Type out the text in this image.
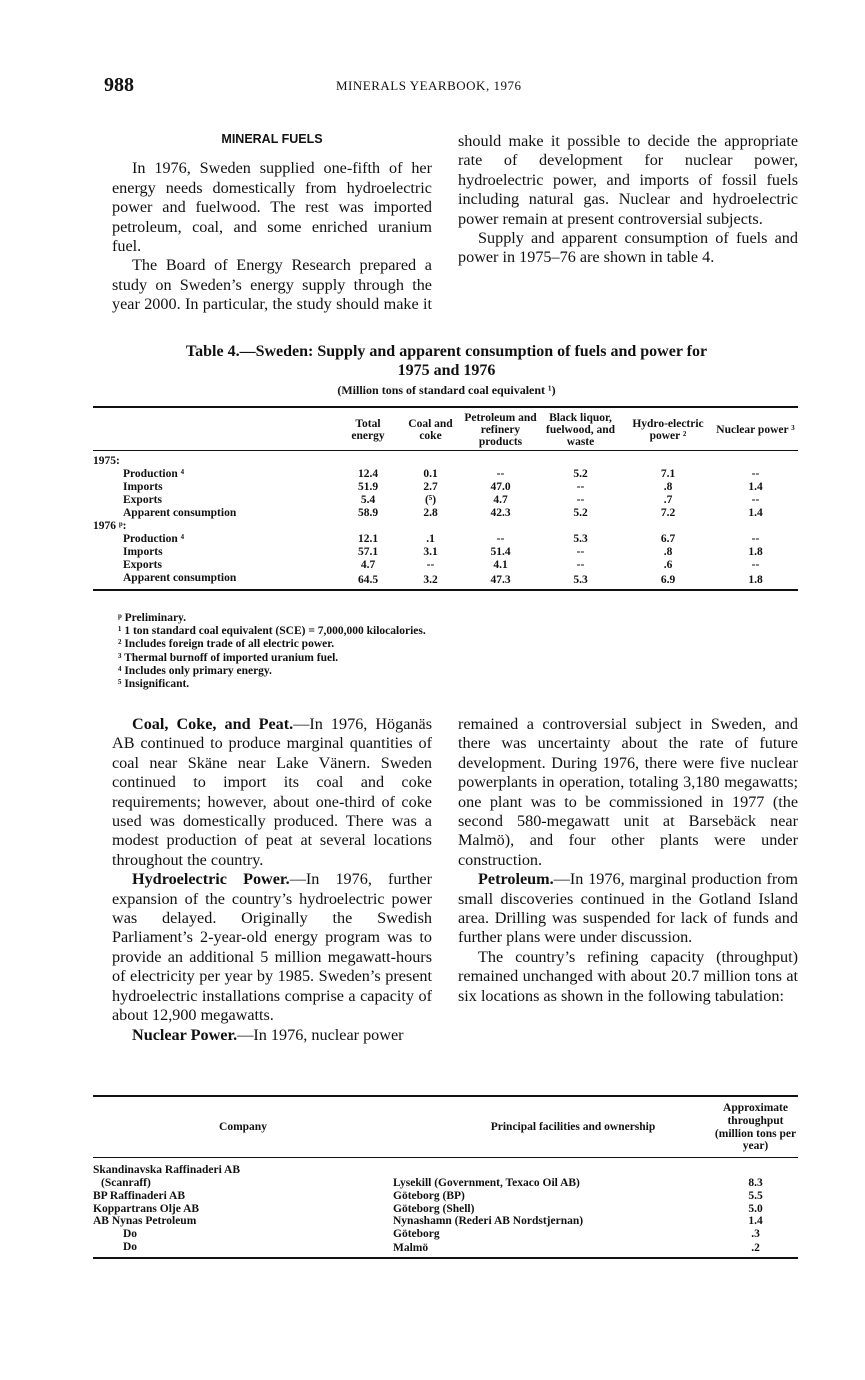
988	MINERALS YEARBOOK, 1976
MINERAL FUELS

In 1976, Sweden supplied one-fifth of her energy needs domestically from hydroelectric power and fuelwood. The rest was imported petroleum, coal, and some enriched uranium fuel.

The Board of Energy Research prepared a study on Sweden’s energy supply through the year 2000. In particular, the study should make it

should make it possible to decide the appropriate rate of development for nuclear power, hydroelectric power, and imports of fossil fuels including natural gas. Nuclear and hydroelectric power remain at present controversial subjects.

Supply and apparent consumption of fuels and power in 1975–76 are shown in table 4.

Table 4.—Sweden: Supply and apparent consumption of fuels and power for
1975 and 1976
(Million tons of standard coal equivalent ¹)
	Total energy	Coal and coke	Petroleum and refinery products	Black liquor, fuelwood, and waste	Hydro-electric power ²	Nuclear power ³
1975:						
Production ⁴	12.4	0.1	--	5.2	7.1	--
Imports	51.9	2.7	47.0	--	.8	1.4
Exports	5.4	(⁵)	4.7	--	.7	--
Apparent consumption	58.9	2.8	42.3	5.2	7.2	1.4
1976 ᵖ:						
Production ⁴	12.1	.1	--	5.3	6.7	--
Imports	57.1	3.1	51.4	--	.8	1.8
Exports	4.7	--	4.1	--	.6	--
Apparent consumption	64.5	3.2	47.3	5.3	6.9	1.8
ᵖ Preliminary.
¹ 1 ton standard coal equivalent (SCE) = 7,000,000 kilocalories.
² Includes foreign trade of all electric power.
³ Thermal burnoff of imported uranium fuel.
⁴ Includes only primary energy.
⁵ Insignificant.

Coal, Coke, and Peat.—In 1976, Höganäs AB continued to produce marginal quantities of coal near Skäne near Lake Vänern. Sweden continued to import its coal and coke requirements; however, about one-third of coke used was domestically produced. There was a modest production of peat at several locations throughout the country.

Hydroelectric Power.—In 1976, further expansion of the country’s hydroelectric power was delayed. Originally the Swedish Parliament’s 2-year-old energy program was to provide an additional 5 million megawatt-hours of electricity per year by 1985. Sweden’s present hydroelectric installations comprise a capacity of about 12,900 megawatts.

Nuclear Power.—In 1976, nuclear power

remained a controversial subject in Sweden, and there was uncertainty about the rate of future development. During 1976, there were five nuclear powerplants in operation, totaling 3,180 megawatts; one plant was to be commissioned in 1977 (the second 580-megawatt unit at Barsebäck near Malmö), and four other plants were under construction.

Petroleum.—In 1976, marginal production from small discoveries continued in the Gotland Island area. Drilling was suspended for lack of funds and further plans were under discussion.

The country’s refining capacity (throughput) remained unchanged with about 20.7 million tons at six locations as shown in the following tabulation:

Company	Principal facilities and ownership	Approximate throughput (million tons per year)
Skandinavska Raffinaderi AB		
(Scanraff)	Lysekill (Government, Texaco Oil AB)	8.3
BP Raffinaderi AB	Göteborg (BP)	5.5
Koppartrans Olje AB	Göteborg (Shell)	5.0
AB Nynas Petroleum	Nynashamn (Rederi AB Nordstjernan)	1.4
Do	Göteborg	.3
Do	Malmö	.2
